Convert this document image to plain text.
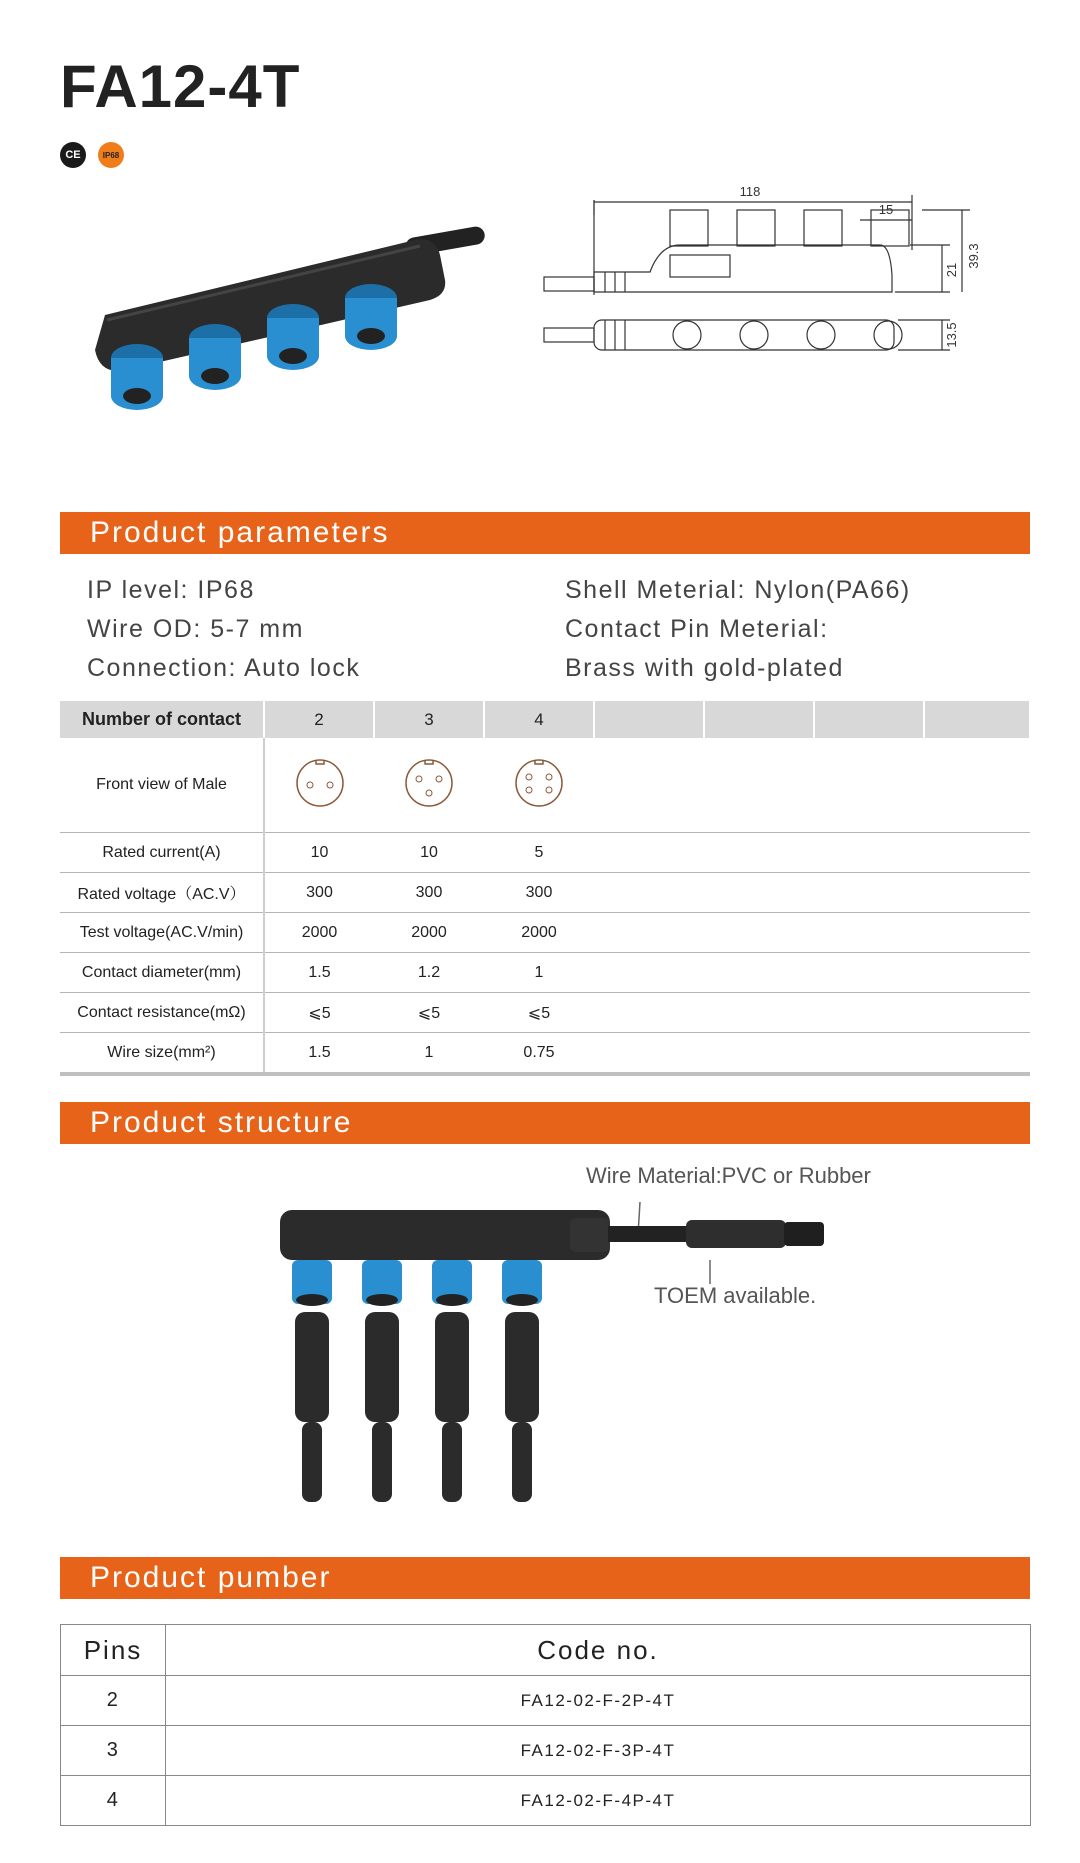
FA12-4T
CE	IP68
118
15
39.3
21
13.5
Product parameters
IP level: IP68
Wire OD: 5-7 mm
Connection: Auto lock
Shell Meterial: Nylon(PA66)
Contact Pin Meterial:
Brass with gold-plated
Number of contact	2	3	4				
Front view of Male							
Rated current(A)	10	10	5				
Rated voltage（AC.V）	300	300	300				
Test voltage(AC.V/min)	2000	2000	2000				
Contact diameter(mm)	1.5	1.2	1				
Contact resistance(mΩ)	⩽5	⩽5	⩽5				
Wire size(mm²)	1.5	1	0.75				
Product structure
Wire Material:PVC or Rubber
TOEM available.
Product pumber
Pins	Code no.
2	FA12-02-F-2P-4T
3	FA12-02-F-3P-4T
4	FA12-02-F-4P-4T
